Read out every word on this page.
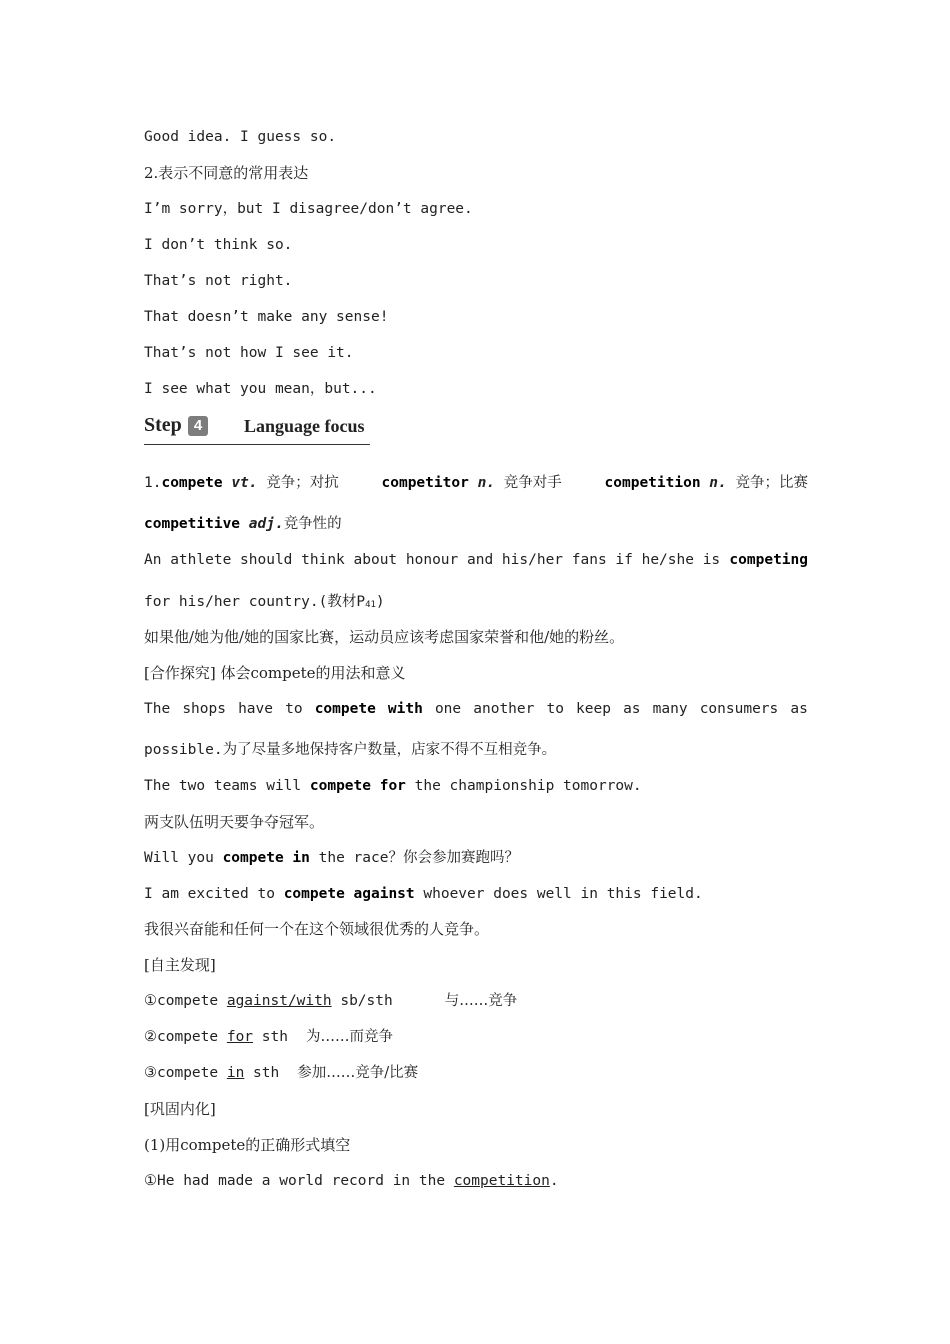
Good idea. I guess so.
2.表示不同意的常用表达
I’m sorry，but I disagree/don’t agree.
I don’t think so.
That’s not right.
That doesn’t make any sense!
That’s not how I see it.
I see what you mean，but...
Step 4	Language focus
1.compete vt. 竞争；对抗	competitor n. 竞争对手	competition n. 竞争；比赛
competitive adj.竞争性的
An athlete should think about honour and his/her fans if he/she is competing
for his/her country.(教材$P_{41}$)
如果他/她为他/她的国家比赛，运动员应该考虑国家荣誉和他/她的粉丝。
[合作探究] 体会compete的用法和意义
The shops have to compete with one another to keep as many consumers as
possible.为了尽量多地保持客户数量，店家不得不互相竞争。
The two teams will compete for the championship tomorrow.
两支队伍明天要争夺冠军。
Will you compete in the race？你会参加赛跑吗？
I am excited to compete against whoever does well in this field.
我很兴奋能和任何一个在这个领域很优秀的人竞争。
[自主发现]
①compete against/with sb/sth	与……竞争
②compete for sth 为……而竞争
③compete in sth 参加……竞争/比赛
[巩固内化]
(1)用compete的正确形式填空
①He had made a world record in the competition.
